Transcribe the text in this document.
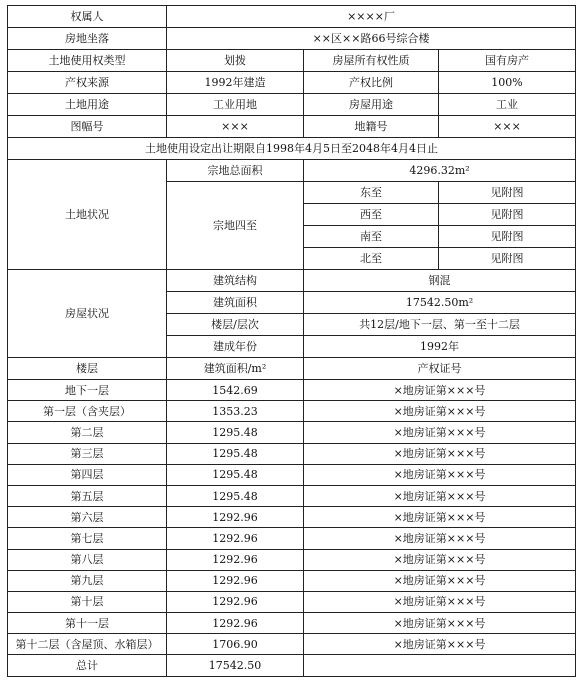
权属人	××××厂		
房地坐落	××区××路66号综合楼		
土地使用权类型	划拨	房屋所有权性质	国有房产
产权来源	1992年建造	产权比例	100%
土地用途	工业用地	房屋用途	工业
图幅号	×××	地籍号	×××
土地使用设定出让期限自1998年4月5日至2048年4月4日止			
土地状况	宗地总面积	4296.32m²	
	宗地四至	东至	见附图
		西至	见附图
		南至	见附图
		北至	见附图
房屋状况	建筑结构	钢混	
	建筑面积	17542.50m²	
	楼层/层次	共12层/地下一层、第一至十二层	
	建成年份	1992年	
楼层	建筑面积/m²	产权证号	
地下一层	1542.69	×地房证第×××号	
第一层（含夹层）	1353.23	×地房证第×××号	
第二层	1295.48	×地房证第×××号	
第三层	1295.48	×地房证第×××号	
第四层	1295.48	×地房证第×××号	
第五层	1295.48	×地房证第×××号	
第六层	1292.96	×地房证第×××号	
第七层	1292.96	×地房证第×××号	
第八层	1292.96	×地房证第×××号	
第九层	1292.96	×地房证第×××号	
第十层	1292.96	×地房证第×××号	
第十一层	1292.96	×地房证第×××号	
第十二层（含屋顶、水箱层）	1706.90	×地房证第×××号	
总计	17542.50		
